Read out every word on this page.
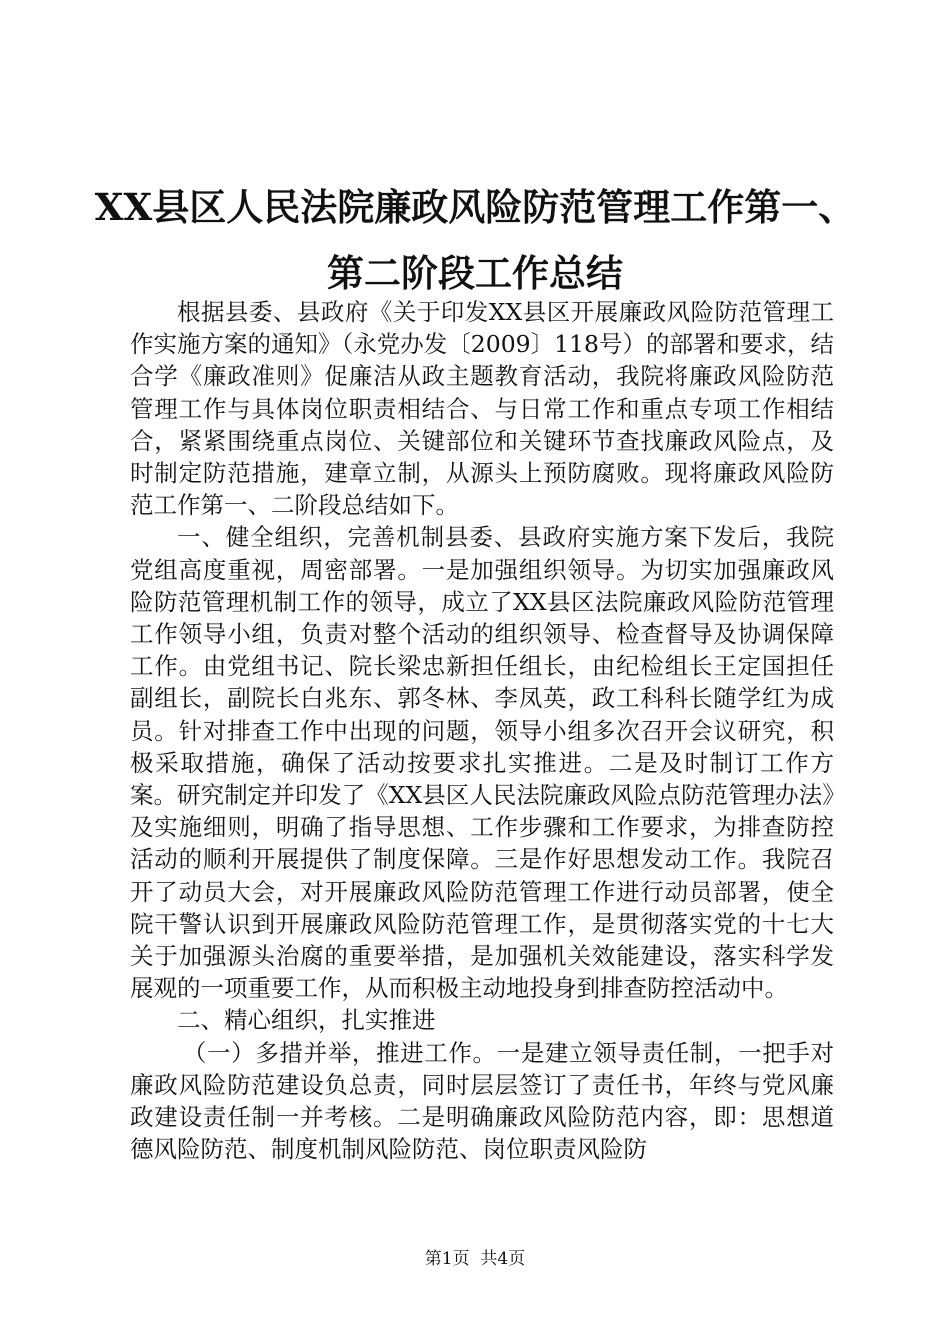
XX县区人民法院廉政风险防范管理工作第一、
第二阶段工作总结

根据县委、县政府《关于印发XX县区开展廉政风险防范管理工作实施方案的通知》（永党办发〔2009〕118号）的部署和要求，结合学《廉政准则》促廉洁从政主题教育活动，我院将廉政风险防范管理工作与具体岗位职责相结合、与日常工作和重点专项工作相结合，紧紧围绕重点岗位、关键部位和关键环节查找廉政风险点，及时制定防范措施，建章立制，从源头上预防腐败。现将廉政风险防范工作第一、二阶段总结如下。

一、健全组织，完善机制县委、县政府实施方案下发后，我院党组高度重视，周密部署。一是加强组织领导。为切实加强廉政风险防范管理机制工作的领导，成立了XX县区法院廉政风险防范管理工作领导小组，负责对整个活动的组织领导、检查督导及协调保障工作。由党组书记、院长梁忠新担任组长，由纪检组长王定国担任副组长，副院长白兆东、郭冬林、李凤英，政工科科长随学红为成员。针对排查工作中出现的问题，领导小组多次召开会议研究，积极采取措施，确保了活动按要求扎实推进。二是及时制订工作方案。研究制定并印发了《XX县区人民法院廉政风险点防范管理办法》及实施细则，明确了指导思想、工作步骤和工作要求，为排查防控活动的顺利开展提供了制度保障。三是作好思想发动工作。我院召开了动员大会，对开展廉政风险防范管理工作进行动员部署，使全院干警认识到开展廉政风险防范管理工作，是贯彻落实党的十七大关于加强源头治腐的重要举措，是加强机关效能建设，落实科学发展观的一项重要工作，从而积极主动地投身到排查防控活动中。

二、精心组织，扎实推进

（一）多措并举，推进工作。一是建立领导责任制，一把手对廉政风险防范建设负总责，同时层层签订了责任书，年终与党风廉政建设责任制一并考核。二是明确廉政风险防范内容，即：思想道德风险防范、制度机制风险防范、岗位职责风险防

第1页  共4页
